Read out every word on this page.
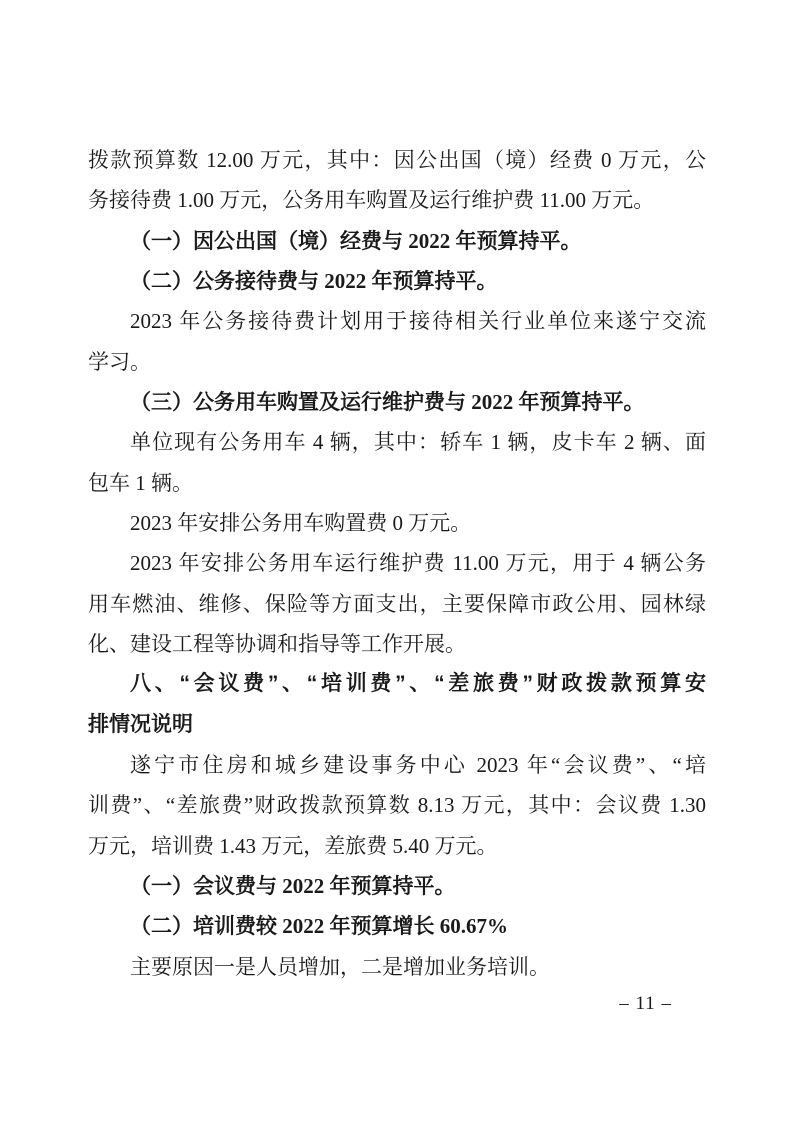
拨款预算数 12.00 万元，其中：因公出国（境）经费 0 万元，公
务接待费 1.00 万元，公务用车购置及运行维护费 11.00 万元。
（一）因公出国（境）经费与 2022 年预算持平。
（二）公务接待费与 2022 年预算持平。
2023 年公务接待费计划用于接待相关行业单位来遂宁交流
学习。
（三）公务用车购置及运行维护费与 2022 年预算持平。
单位现有公务用车 4 辆，其中：轿车 1 辆，皮卡车 2 辆、面
包车 1 辆。
2023 年安排公务用车购置费 0 万元。
2023 年安排公务用车运行维护费 11.00 万元，用于 4 辆公务
用车燃油、维修、保险等方面支出，主要保障市政公用、园林绿
化、建设工程等协调和指导等工作开展。
八、“会议费”、“培训费”、“差旅费”财政拨款预算安
排情况说明
遂宁市住房和城乡建设事务中心 2023 年“会议费”、“培
训费”、“差旅费”财政拨款预算数 8.13 万元，其中：会议费 1.30
万元，培训费 1.43 万元，差旅费 5.40 万元。
（一）会议费与 2022 年预算持平。
（二）培训费较 2022 年预算增长 60.67%
主要原因一是人员增加，二是增加业务培训。
– 11 –
